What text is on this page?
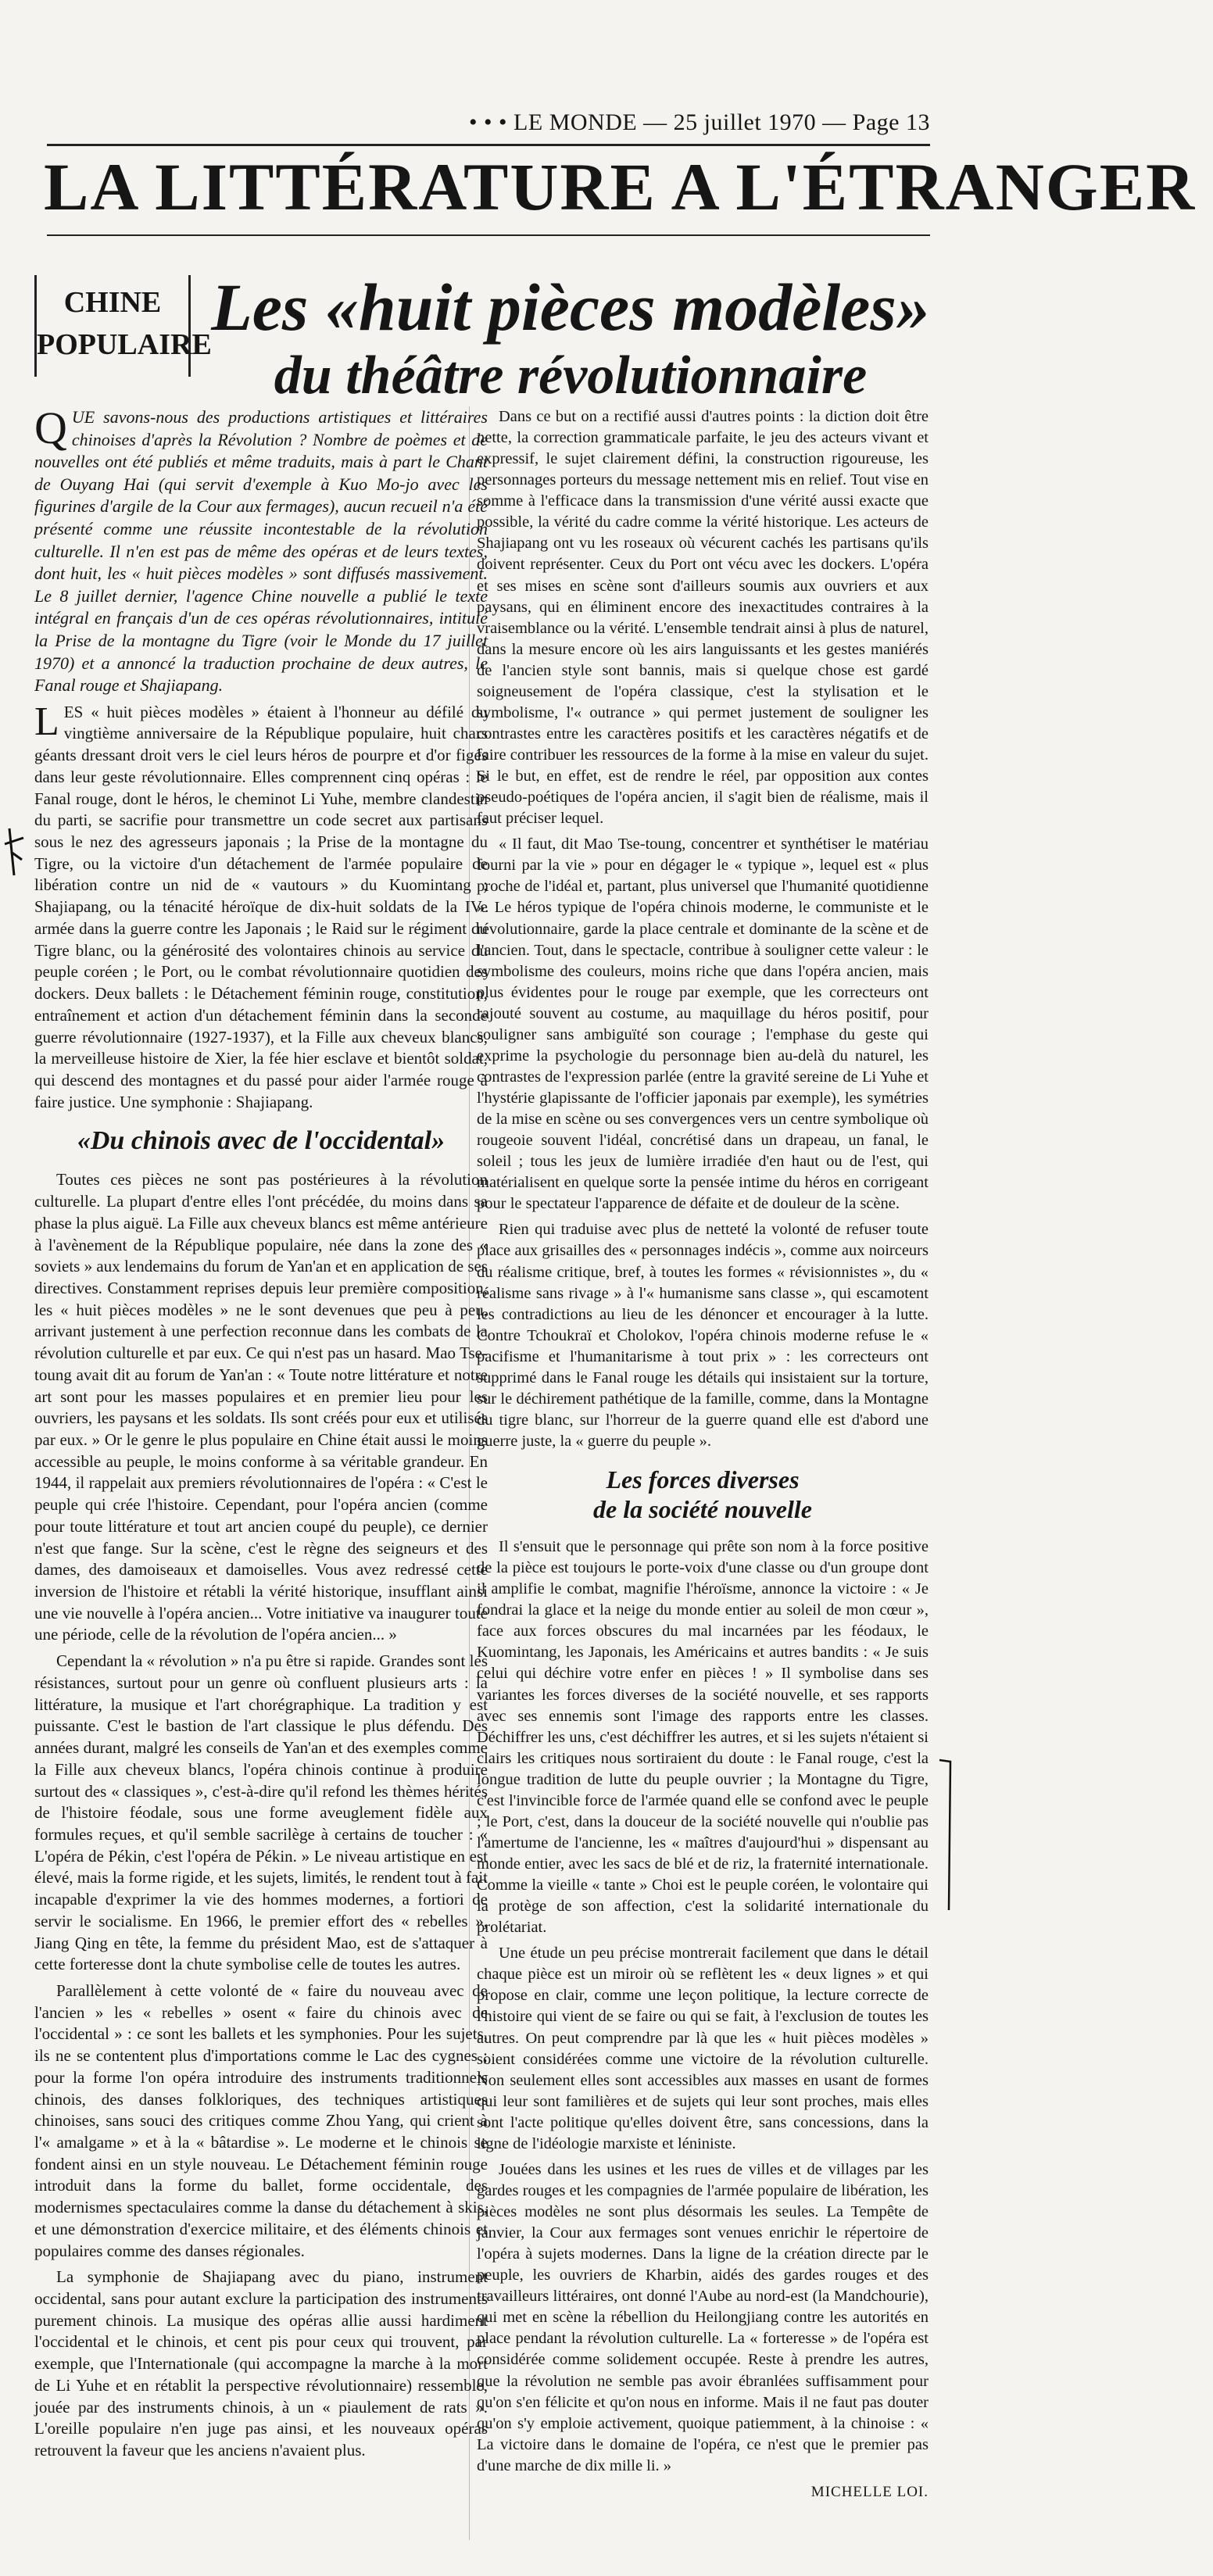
• • • LE MONDE — 25 juillet 1970 — Page 13
LA LITTÉRATURE A L'ÉTRANGER
CHINE
POPULAIRE Les «huit pièces modèles»
du théâtre révolutionnaire

QUE savons-nous des productions artistiques et littéraires chinoises d'après la Révolution ? Nombre de poèmes et de nouvelles ont été publiés et même traduits, mais à part le Chant de Ouyang Hai (qui servit d'exemple à Kuo Mo-jo avec les figurines d'argile de la Cour aux fermages), aucun recueil n'a été présenté comme une réussite incontestable de la révolution culturelle. Il n'en est pas de même des opéras et de leurs textes, dont huit, les « huit pièces modèles » sont diffusés massivement. Le 8 juillet dernier, l'agence Chine nouvelle a publié le texte intégral en français d'un de ces opéras révolutionnaires, intitulé la Prise de la montagne du Tigre (voir le Monde du 17 juillet 1970) et a annoncé la traduction prochaine de deux autres, le Fanal rouge et Shajiapang.

LES « huit pièces modèles » étaient à l'honneur au défilé du vingtième anniversaire de la République populaire, huit chars géants dressant droit vers le ciel leurs héros de pourpre et d'or figés dans leur geste révolutionnaire. Elles comprennent cinq opéras : le Fanal rouge, dont le héros, le cheminot Li Yuhe, membre clandestin du parti, se sacrifie pour transmettre un code secret aux partisans sous le nez des agresseurs japonais ; la Prise de la montagne du Tigre, ou la victoire d'un détachement de l'armée populaire de libération contre un nid de « vautours » du Kuomintang ; Shajiapang, ou la ténacité héroïque de dix-huit soldats de la IVe armée dans la guerre contre les Japonais ; le Raid sur le régiment du Tigre blanc, ou la générosité des volontaires chinois au service du peuple coréen ; le Port, ou le combat révolutionnaire quotidien des dockers. Deux ballets : le Détachement féminin rouge, constitution, entraînement et action d'un détachement féminin dans la seconde guerre révolutionnaire (1927-1937), et la Fille aux cheveux blancs, la merveilleuse histoire de Xier, la fée hier esclave et bientôt soldat, qui descend des montagnes et du passé pour aider l'armée rouge à faire justice. Une symphonie : Shajiapang.

«Du chinois avec de l'occidental»

Toutes ces pièces ne sont pas postérieures à la révolution culturelle. La plupart d'entre elles l'ont précédée, du moins dans sa phase la plus aiguë. La Fille aux cheveux blancs est même antérieure à l'avènement de la République populaire, née dans la zone des « soviets » aux lendemains du forum de Yan'an et en application de ses directives. Constamment reprises depuis leur première composition, les « huit pièces modèles » ne le sont devenues que peu à peu, arrivant justement à une perfection reconnue dans les combats de la révolution culturelle et par eux. Ce qui n'est pas un hasard. Mao Tse-toung avait dit au forum de Yan'an : « Toute notre littérature et notre art sont pour les masses populaires et en premier lieu pour les ouvriers, les paysans et les soldats. Ils sont créés pour eux et utilisés par eux. » Or le genre le plus populaire en Chine était aussi le moins accessible au peuple, le moins conforme à sa véritable grandeur. En 1944, il rappelait aux premiers révolutionnaires de l'opéra : « C'est le peuple qui crée l'histoire. Cependant, pour l'opéra ancien (comme pour toute littérature et tout art ancien coupé du peuple), ce dernier n'est que fange. Sur la scène, c'est le règne des seigneurs et des dames, des damoiseaux et damoiselles. Vous avez redressé cette inversion de l'histoire et rétabli la vérité historique, insufflant ainsi une vie nouvelle à l'opéra ancien... Votre initiative va inaugurer toute une période, celle de la révolution de l'opéra ancien... »

Cependant la « révolution » n'a pu être si rapide. Grandes sont les résistances, surtout pour un genre où confluent plusieurs arts : la littérature, la musique et l'art chorégraphique. La tradition y est puissante. C'est le bastion de l'art classique le plus défendu. Des années durant, malgré les conseils de Yan'an et des exemples comme la Fille aux cheveux blancs, l'opéra chinois continue à produire surtout des « classiques », c'est-à-dire qu'il refond les thèmes hérités de l'histoire féodale, sous une forme aveuglement fidèle aux formules reçues, et qu'il semble sacrilège à certains de toucher : « L'opéra de Pékin, c'est l'opéra de Pékin. » Le niveau artistique en est élevé, mais la forme rigide, et les sujets, limités, le rendent tout à fait incapable d'exprimer la vie des hommes modernes, a fortiori de servir le socialisme. En 1966, le premier effort des « rebelles », Jiang Qing en tête, la femme du président Mao, est de s'attaquer à cette forteresse dont la chute symbolise celle de toutes les autres.

Parallèlement à cette volonté de « faire du nouveau avec de l'ancien » les « rebelles » osent « faire du chinois avec de l'occidental » : ce sont les ballets et les symphonies. Pour les sujets, ils ne se contentent plus d'importations comme le Lac des cygnes ; pour la forme l'on opéra introduire des instruments traditionnels chinois, des danses folkloriques, des techniques artistiques chinoises, sans souci des critiques comme Zhou Yang, qui crient à l'« amalgame » et à la « bâtardise ». Le moderne et le chinois se fondent ainsi en un style nouveau. Le Détachement féminin rouge introduit dans la forme du ballet, forme occidentale, des modernismes spectaculaires comme la danse du détachement à skis, et une démonstration d'exercice militaire, et des éléments chinois et populaires comme des danses régionales.

La symphonie de Shajiapang avec du piano, instrument occidental, sans pour autant exclure la participation des instruments purement chinois. La musique des opéras allie aussi hardiment l'occidental et le chinois, et cent pis pour ceux qui trouvent, par exemple, que l'Internationale (qui accompagne la marche à la mort de Li Yuhe et en rétablit la perspective révolutionnaire) ressemble, jouée par des instruments chinois, à un « piaulement de rats ». L'oreille populaire n'en juge pas ainsi, et les nouveaux opéras retrouvent la faveur que les anciens n'avaient plus.

Dans ce but on a rectifié aussi d'autres points : la diction doit être nette, la correction grammaticale parfaite, le jeu des acteurs vivant et expressif, le sujet clairement défini, la construction rigoureuse, les personnages porteurs du message nettement mis en relief. Tout vise en somme à l'efficace dans la transmission d'une vérité aussi exacte que possible, la vérité du cadre comme la vérité historique. Les acteurs de Shajiapang ont vu les roseaux où vécurent cachés les partisans qu'ils doivent représenter. Ceux du Port ont vécu avec les dockers. L'opéra et ses mises en scène sont d'ailleurs soumis aux ouvriers et aux paysans, qui en éliminent encore des inexactitudes contraires à la vraisemblance ou la vérité. L'ensemble tendrait ainsi à plus de naturel, dans la mesure encore où les airs languissants et les gestes maniérés de l'ancien style sont bannis, mais si quelque chose est gardé soigneusement de l'opéra classique, c'est la stylisation et le symbolisme, l'« outrance » qui permet justement de souligner les contrastes entre les caractères positifs et les caractères négatifs et de faire contribuer les ressources de la forme à la mise en valeur du sujet. Si le but, en effet, est de rendre le réel, par opposition aux contes pseudo-poétiques de l'opéra ancien, il s'agit bien de réalisme, mais il faut préciser lequel.

« Il faut, dit Mao Tse-toung, concentrer et synthétiser le matériau fourni par la vie » pour en dégager le « typique », lequel est « plus proche de l'idéal et, partant, plus universel que l'humanité quotidienne ». Le héros typique de l'opéra chinois moderne, le communiste et le révolutionnaire, garde la place centrale et dominante de la scène et de l'ancien. Tout, dans le spectacle, contribue à souligner cette valeur : le symbolisme des couleurs, moins riche que dans l'opéra ancien, mais plus évidentes pour le rouge par exemple, que les correcteurs ont rajouté souvent au costume, au maquillage du héros positif, pour souligner sans ambiguïté son courage ; l'emphase du geste qui exprime la psychologie du personnage bien au-delà du naturel, les contrastes de l'expression parlée (entre la gravité sereine de Li Yuhe et l'hystérie glapissante de l'officier japonais par exemple), les symétries de la mise en scène ou ses convergences vers un centre symbolique où rougeoie souvent l'idéal, concrétisé dans un drapeau, un fanal, le soleil ; tous les jeux de lumière irradiée d'en haut ou de l'est, qui matérialisent en quelque sorte la pensée intime du héros en corrigeant pour le spectateur l'apparence de défaite et de douleur de la scène.

Rien qui traduise avec plus de netteté la volonté de refuser toute place aux grisailles des « personnages indécis », comme aux noirceurs du réalisme critique, bref, à toutes les formes « révisionnistes », du « réalisme sans rivage » à l'« humanisme sans classe », qui escamotent les contradictions au lieu de les dénoncer et encourager à la lutte. Contre Tchoukraï et Cholokov, l'opéra chinois moderne refuse le « pacifisme et l'humanitarisme à tout prix » : les correcteurs ont supprimé dans le Fanal rouge les détails qui insistaient sur la torture, sur le déchirement pathétique de la famille, comme, dans la Montagne du tigre blanc, sur l'horreur de la guerre quand elle est d'abord une guerre juste, la « guerre du peuple ».

Les forces diverses
de la société nouvelle

Il s'ensuit que le personnage qui prête son nom à la force positive de la pièce est toujours le porte-voix d'une classe ou d'un groupe dont il amplifie le combat, magnifie l'héroïsme, annonce la victoire : « Je fondrai la glace et la neige du monde entier au soleil de mon cœur », face aux forces obscures du mal incarnées par les féodaux, le Kuomintang, les Japonais, les Américains et autres bandits : « Je suis celui qui déchire votre enfer en pièces ! » Il symbolise dans ses variantes les forces diverses de la société nouvelle, et ses rapports avec ses ennemis sont l'image des rapports entre les classes. Déchiffrer les uns, c'est déchiffrer les autres, et si les sujets n'étaient si clairs les critiques nous sortiraient du doute : le Fanal rouge, c'est la longue tradition de lutte du peuple ouvrier ; la Montagne du Tigre, c'est l'invincible force de l'armée quand elle se confond avec le peuple ; le Port, c'est, dans la douceur de la société nouvelle qui n'oublie pas l'amertume de l'ancienne, les « maîtres d'aujourd'hui » dispensant au monde entier, avec les sacs de blé et de riz, la fraternité internationale. Comme la vieille « tante » Choi est le peuple coréen, le volontaire qui la protège de son affection, c'est la solidarité internationale du prolétariat.

Une étude un peu précise montrerait facilement que dans le détail chaque pièce est un miroir où se reflètent les « deux lignes » et qui propose en clair, comme une leçon politique, la lecture correcte de l'histoire qui vient de se faire ou qui se fait, à l'exclusion de toutes les autres. On peut comprendre par là que les « huit pièces modèles » soient considérées comme une victoire de la révolution culturelle. Non seulement elles sont accessibles aux masses en usant de formes qui leur sont familières et de sujets qui leur sont proches, mais elles sont l'acte politique qu'elles doivent être, sans concessions, dans la ligne de l'idéologie marxiste et léniniste.

Jouées dans les usines et les rues de villes et de villages par les gardes rouges et les compagnies de l'armée populaire de libération, les pièces modèles ne sont plus désormais les seules. La Tempête de janvier, la Cour aux fermages sont venues enrichir le répertoire de l'opéra à sujets modernes. Dans la ligne de la création directe par le peuple, les ouvriers de Kharbin, aidés des gardes rouges et des travailleurs littéraires, ont donné l'Aube au nord-est (la Mandchourie), qui met en scène la rébellion du Heilongjiang contre les autorités en place pendant la révolution culturelle. La « forteresse » de l'opéra est considérée comme solidement occupée. Reste à prendre les autres, que la révolution ne semble pas avoir ébranlées suffisamment pour qu'on s'en félicite et qu'on nous en informe. Mais il ne faut pas douter qu'on s'y emploie activement, quoique patiemment, à la chinoise : « La victoire dans le domaine de l'opéra, ce n'est que le premier pas d'une marche de dix mille li. »

MICHELLE LOI.
